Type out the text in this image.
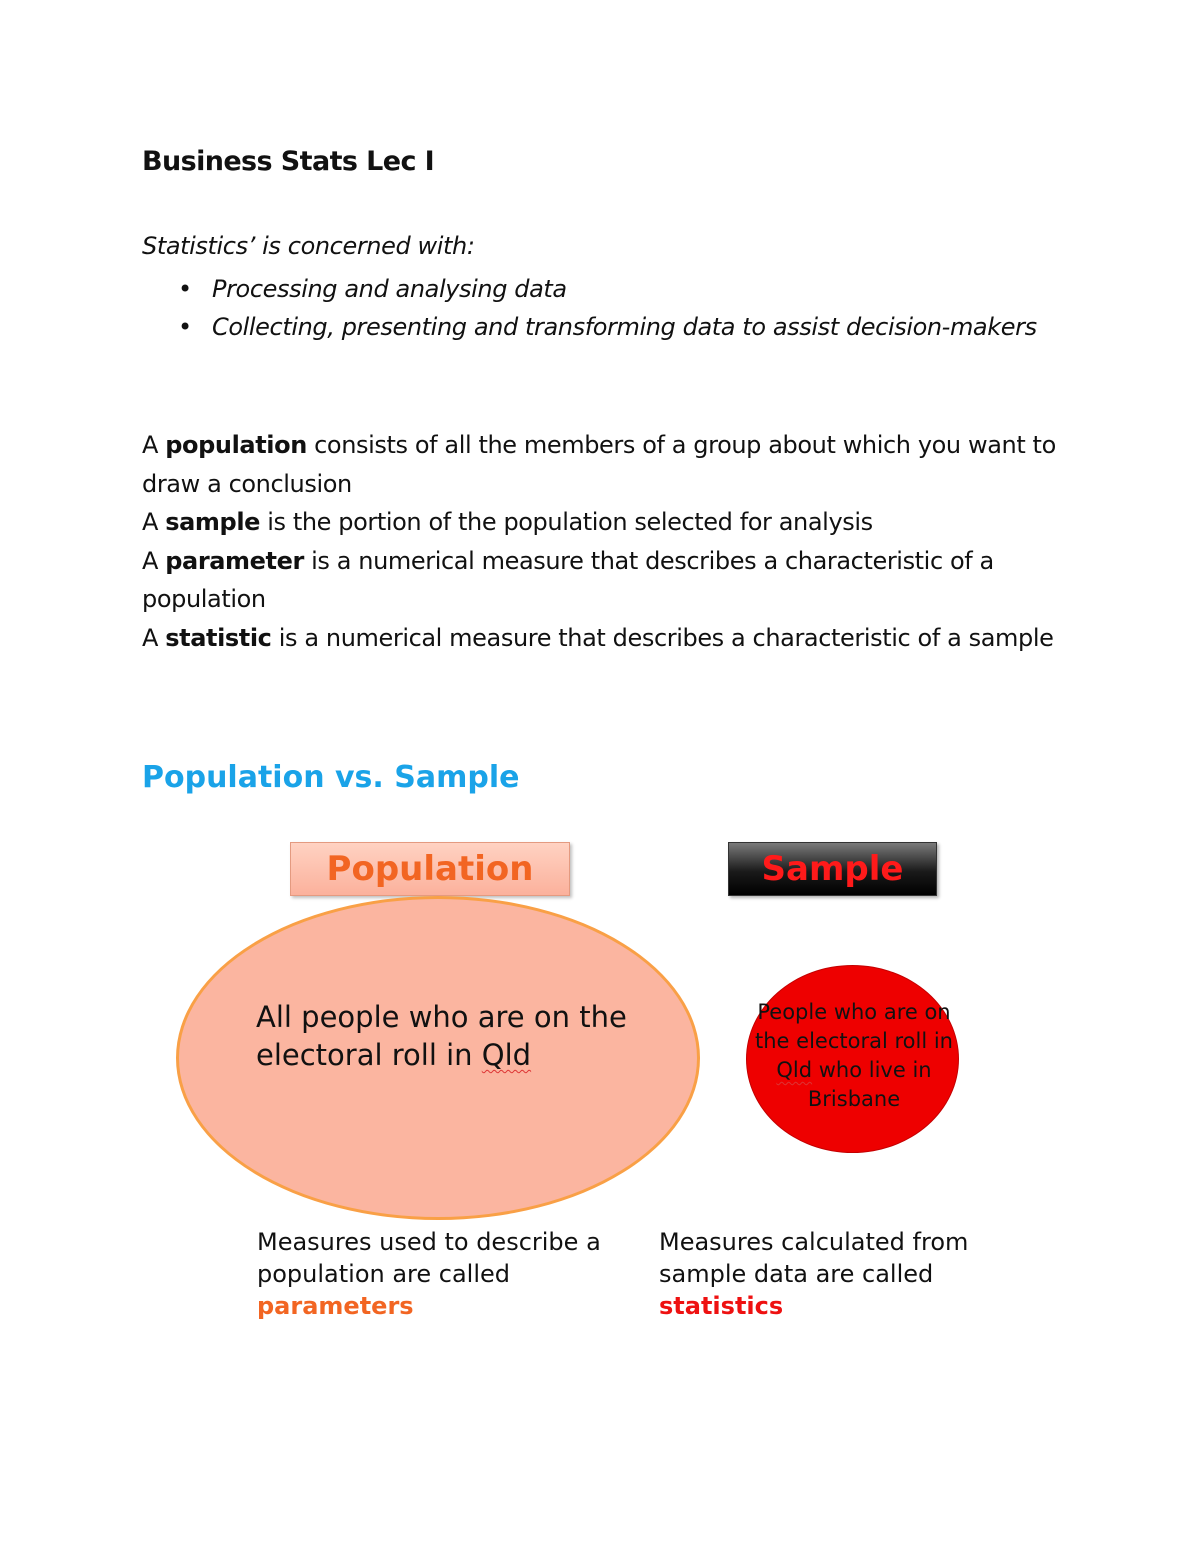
Business Stats Lec I
Statistics’ is concerned with:
• Processing and analysing data
• Collecting, presenting and transforming data to assist decision-makers

A population consists of all the members of a group about which you want to draw a conclusion

A sample is the portion of the population selected for analysis

A parameter is a numerical measure that describes a characteristic of a population

A statistic is a numerical measure that describes a characteristic of a sample

Population vs. Sample
Population	Sample
All people who are on the electoral roll in Qld
People who are on the electoral roll in Qld who live in Brisbane
Measures used to describe a population are called parameters
Measures calculated from sample data are called statistics
